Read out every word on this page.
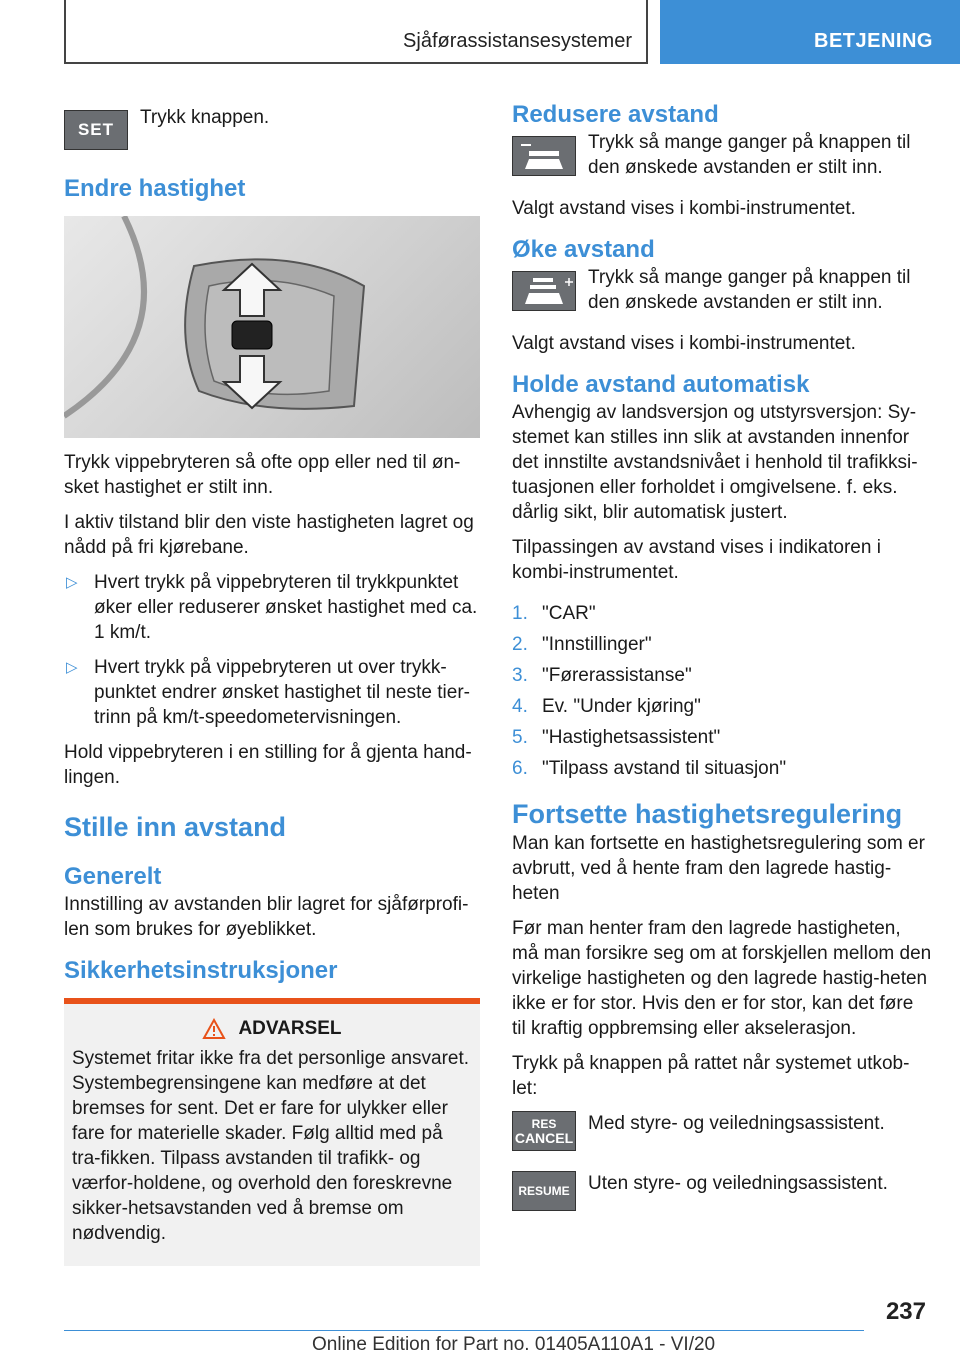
Sjåførassistansesystemer	BETJENING
SET

Trykk knappen.

Endre hastighet

Trykk vippebryteren så ofte opp eller ned til øn-sket hastighet er stilt inn.

I aktiv tilstand blir den viste hastigheten lagret og nådd på fri kjørebane.

▷ Hvert trykk på vippebryteren til trykkpunktet øker eller reduserer ønsket hastighet med ca. 1 km/t.
▷ Hvert trykk på vippebryteren ut over trykk-punktet endrer ønsket hastighet til neste tier-trinn på km/t-speedometervisningen.

Hold vippebryteren i en stilling for å gjenta hand-lingen.

Stille inn avstand
Generelt

Innstilling av avstanden blir lagret for sjåførprofi-len som brukes for øyeblikket.

Sikkerhetsinstruksjoner
ADVARSEL

Systemet fritar ikke fra det personlige ansvaret. Systembegrensingene kan medføre at det bremses for sent. Det er fare for ulykker eller fare for materielle skader. Følg alltid med på tra-fikken. Tilpass avstanden til trafikk- og værfor-holdene, og overhold den foreskrevne sikker-hetsavstanden ved å bremse om nødvendig.

Redusere avstand

Trykk så mange ganger på knappen til den ønskede avstanden er stilt inn.

Valgt avstand vises i kombi-instrumentet.

Øke avstand

Trykk så mange ganger på knappen til den ønskede avstanden er stilt inn.

Valgt avstand vises i kombi-instrumentet.

Holde avstand automatisk

Avhengig av landsversjon og utstyrsversjon: Sy-stemet kan stilles inn slik at avstanden innenfor det innstilte avstandsnivået i henhold til trafikksi-tuasjonen eller forholdet i omgivelsene. f. eks. dårlig sikt, blir automatisk justert.

Tilpassingen av avstand vises i indikatoren i kombi-instrumentet.

1. "CAR"
2. "Innstillinger"
3. "Førerassistanse"
4. Ev. "Under kjøring"
5. "Hastighetsassistent"
6. "Tilpass avstand til situasjon"
Fortsette hastighetsregulering

Man kan fortsette en hastighetsregulering som er avbrutt, ved å hente fram den lagrede hastig-heten

Før man henter fram den lagrede hastigheten, må man forsikre seg om at forskjellen mellom den virkelige hastigheten og den lagrede hastig-heten ikke er for stor. Hvis den er for stor, kan det føre til kraftig oppbremsing eller akselerasjon.

Trykk på knappen på rattet når systemet utkob-let:

RES
CANCEL

Med styre- og veiledningsassistent.

RESUME Uten styre- og veiledningsassistent.

237
Online Edition for Part no. 01405A110A1 - VI/20
